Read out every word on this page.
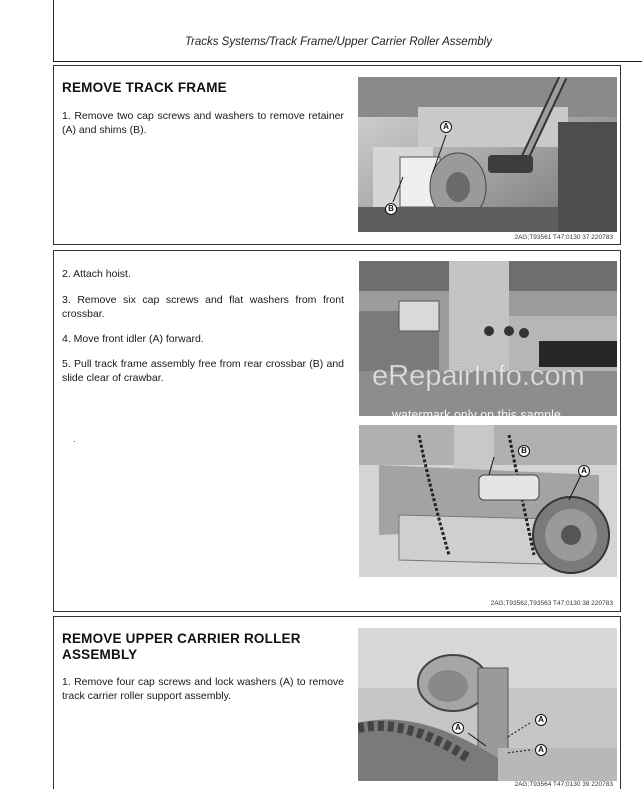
Tracks Systems/Track Frame/Upper Carrier Roller Assembly
REMOVE TRACK FRAME
1. Remove two cap screws and washers to remove retainer (A) and shims (B).	A
B
2AG;T93561 T47;0130 37 220783
2. Attach hoist.
3. Remove six cap screws and flat washers from front crossbar.
4. Move front idler (A) forward.
5. Pull track frame assembly free from rear crossbar (B) and slide clear of crawbar.
B
A
2AG;T93562,T93563 T47;0130 38 220783
REMOVE UPPER CARRIER ROLLER
ASSEMBLY
1. Remove four cap screws and lock washers (A) to remove track carrier roller support assembly.
A
A
A
2AG;T93564 T47;0130 39 220783
eRepairInfo.com
watermark only on this sample
